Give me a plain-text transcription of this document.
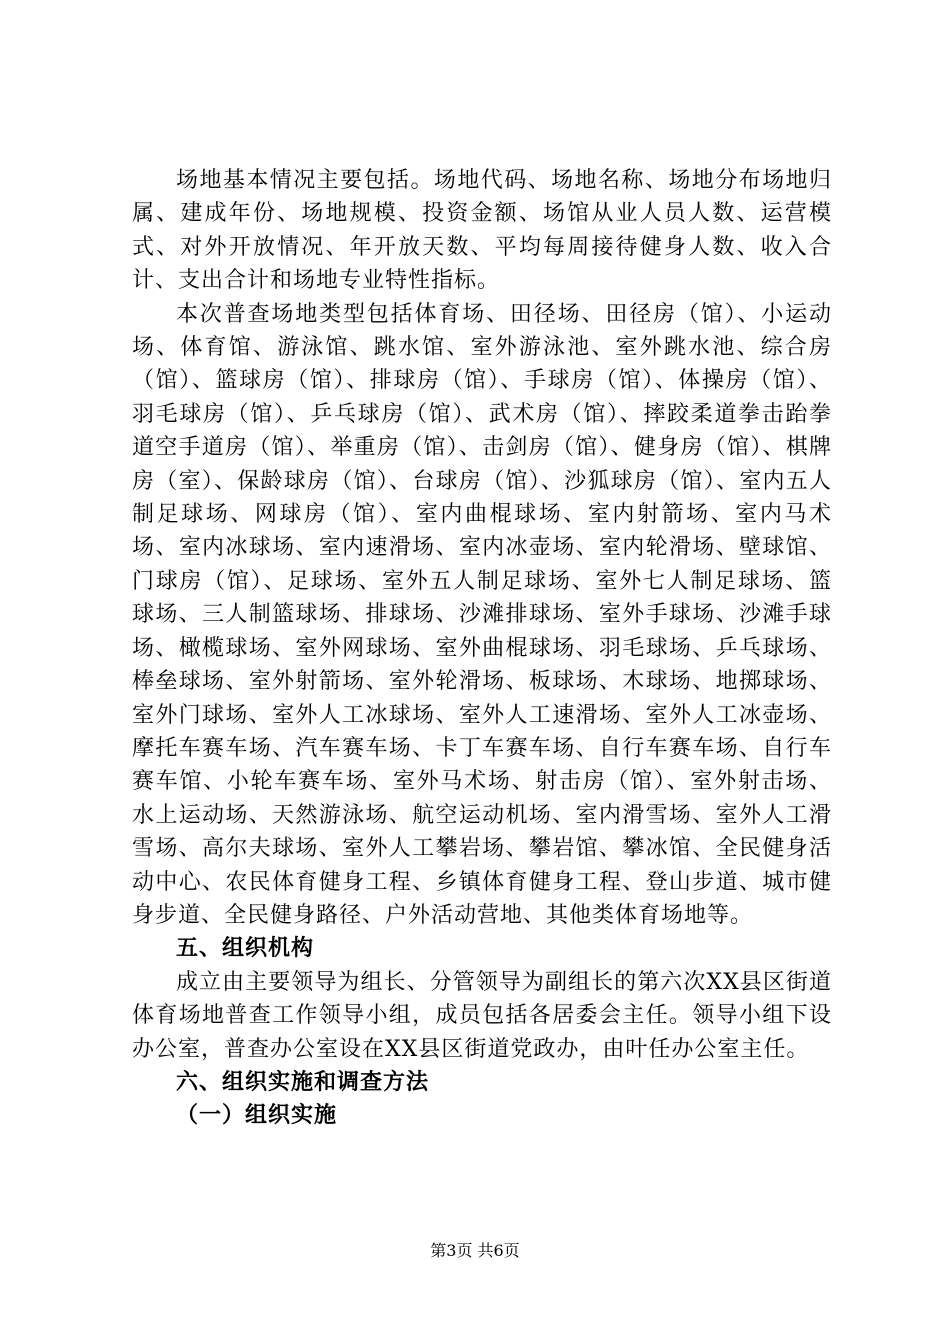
场地基本情况主要包括。场地代码、场地名称、场地分布场地归属、建成年份、场地规模、投资金额、场馆从业人员人数、运营模式、对外开放情况、年开放天数、平均每周接待健身人数、收入合计、支出合计和场地专业特性指标。

本次普查场地类型包括体育场、田径场、田径房（馆）、小运动场、体育馆、游泳馆、跳水馆、室外游泳池、室外跳水池、综合房（馆）、篮球房（馆）、排球房（馆）、手球房（馆）、体操房（馆）、羽毛球房（馆）、乒乓球房（馆）、武术房（馆）、摔跤柔道拳击跆拳道空手道房（馆）、举重房（馆）、击剑房（馆）、健身房（馆）、棋牌房（室）、保龄球房（馆）、台球房（馆）、沙狐球房（馆）、室内五人制足球场、网球房（馆）、室内曲棍球场、室内射箭场、室内马术场、室内冰球场、室内速滑场、室内冰壶场、室内轮滑场、壁球馆、门球房（馆）、足球场、室外五人制足球场、室外七人制足球场、篮球场、三人制篮球场、排球场、沙滩排球场、室外手球场、沙滩手球场、橄榄球场、室外网球场、室外曲棍球场、羽毛球场、乒乓球场、棒垒球场、室外射箭场、室外轮滑场、板球场、木球场、地掷球场、室外门球场、室外人工冰球场、室外人工速滑场、室外人工冰壶场、摩托车赛车场、汽车赛车场、卡丁车赛车场、自行车赛车场、自行车赛车馆、小轮车赛车场、室外马术场、射击房（馆）、室外射击场、水上运动场、天然游泳场、航空运动机场、室内滑雪场、室外人工滑雪场、高尔夫球场、室外人工攀岩场、攀岩馆、攀冰馆、全民健身活动中心、农民体育健身工程、乡镇体育健身工程、登山步道、城市健身步道、全民健身路径、户外活动营地、其他类体育场地等。

五、组织机构

成立由主要领导为组长、分管领导为副组长的第六次XX县区街道体育场地普查工作领导小组，成员包括各居委会主任。领导小组下设办公室，普查办公室设在XX县区街道党政办，由叶任办公室主任。

六、组织实施和调查方法
（一）组织实施
第3页 共6页
